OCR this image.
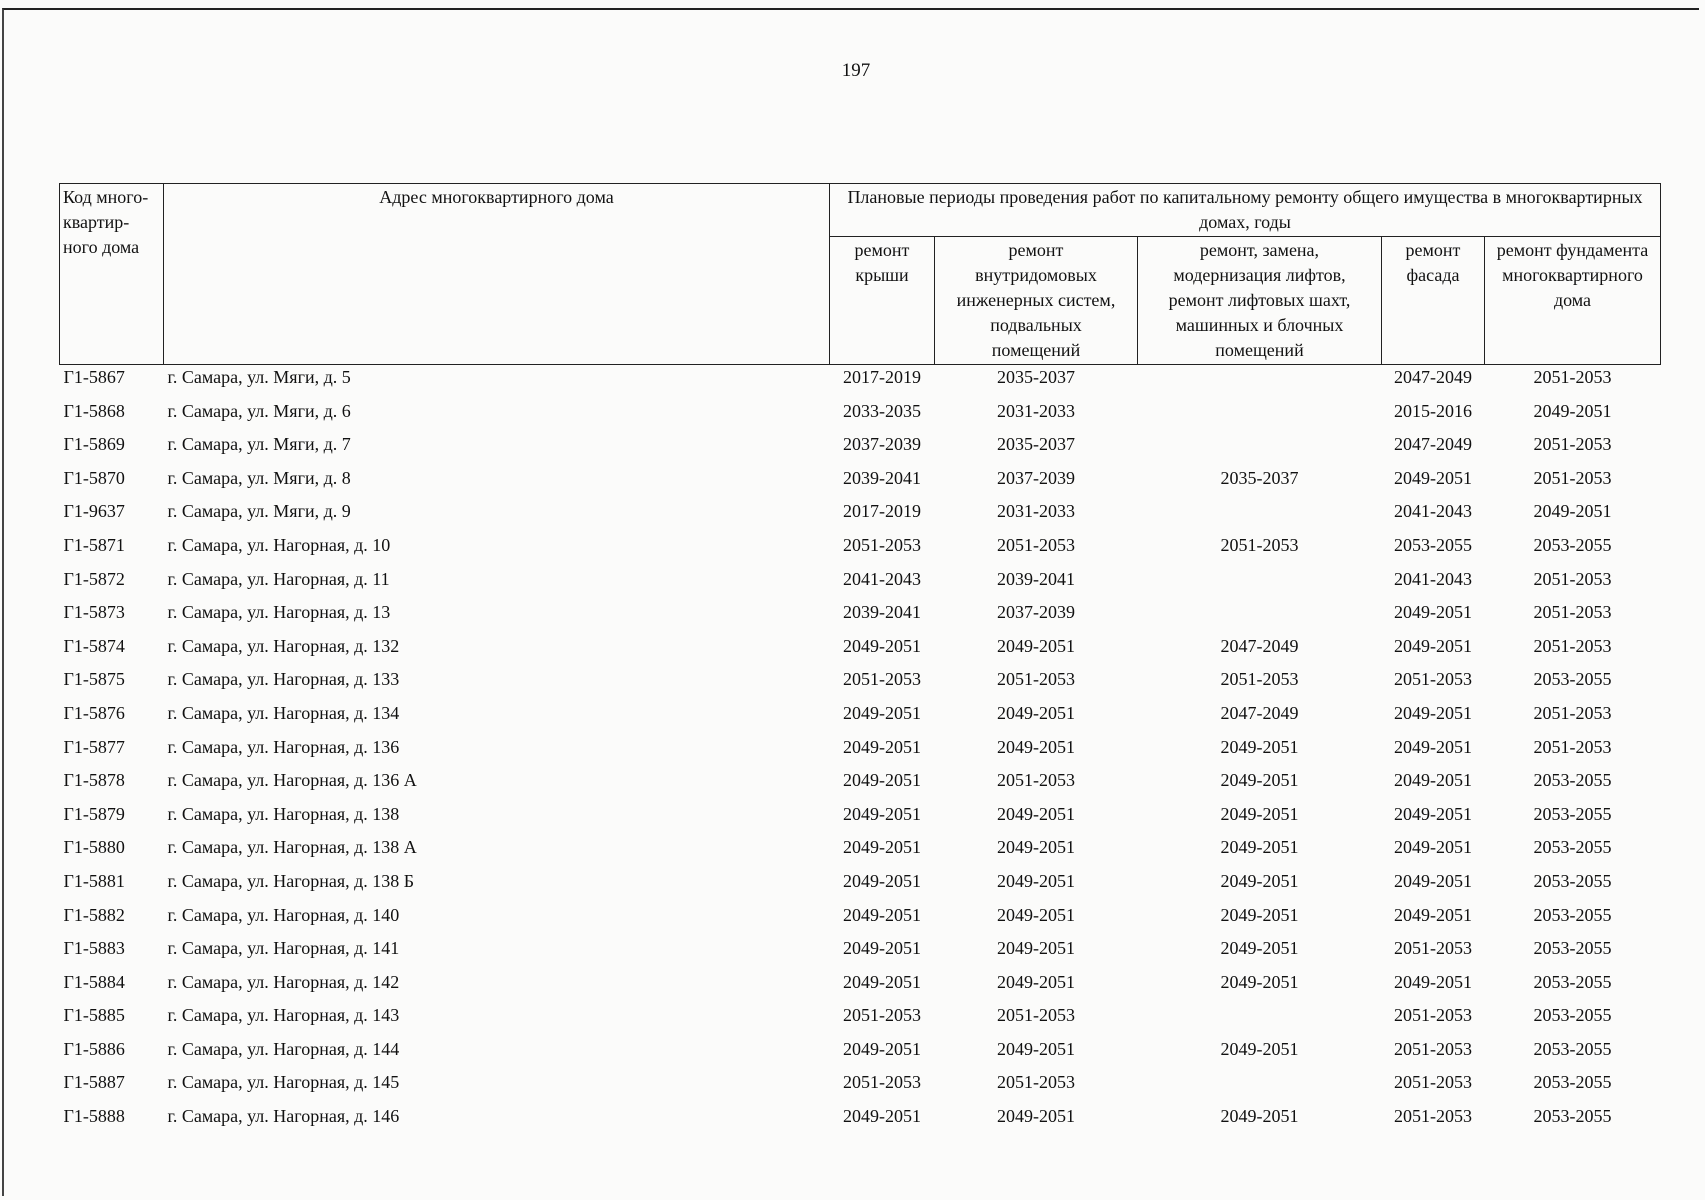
197
Код много-
квартир-
ного дома	Адрес многоквартирного дома	Плановые периоды проведения работ по капитальному ремонту общего имущества в многоквартирных домах, годы				
		ремонт
крыши	ремонт
внутридомовых
инженерных систем,
подвальных
помещений	ремонт, замена,
модернизация лифтов,
ремонт лифтовых шахт,
машинных и блочных
помещений	ремонт
фасада	ремонт фундамента
многоквартирного
дома
Г1-5867	г. Самара, ул. Мяги, д. 5	2017-2019	2035-2037		2047-2049	2051-2053
Г1-5868	г. Самара, ул. Мяги, д. 6	2033-2035	2031-2033		2015-2016	2049-2051
Г1-5869	г. Самара, ул. Мяги, д. 7	2037-2039	2035-2037		2047-2049	2051-2053
Г1-5870	г. Самара, ул. Мяги, д. 8	2039-2041	2037-2039	2035-2037	2049-2051	2051-2053
Г1-9637	г. Самара, ул. Мяги, д. 9	2017-2019	2031-2033		2041-2043	2049-2051
Г1-5871	г. Самара, ул. Нагорная, д. 10	2051-2053	2051-2053	2051-2053	2053-2055	2053-2055
Г1-5872	г. Самара, ул. Нагорная, д. 11	2041-2043	2039-2041		2041-2043	2051-2053
Г1-5873	г. Самара, ул. Нагорная, д. 13	2039-2041	2037-2039		2049-2051	2051-2053
Г1-5874	г. Самара, ул. Нагорная, д. 132	2049-2051	2049-2051	2047-2049	2049-2051	2051-2053
Г1-5875	г. Самара, ул. Нагорная, д. 133	2051-2053	2051-2053	2051-2053	2051-2053	2053-2055
Г1-5876	г. Самара, ул. Нагорная, д. 134	2049-2051	2049-2051	2047-2049	2049-2051	2051-2053
Г1-5877	г. Самара, ул. Нагорная, д. 136	2049-2051	2049-2051	2049-2051	2049-2051	2051-2053
Г1-5878	г. Самара, ул. Нагорная, д. 136 А	2049-2051	2051-2053	2049-2051	2049-2051	2053-2055
Г1-5879	г. Самара, ул. Нагорная, д. 138	2049-2051	2049-2051	2049-2051	2049-2051	2053-2055
Г1-5880	г. Самара, ул. Нагорная, д. 138 А	2049-2051	2049-2051	2049-2051	2049-2051	2053-2055
Г1-5881	г. Самара, ул. Нагорная, д. 138 Б	2049-2051	2049-2051	2049-2051	2049-2051	2053-2055
Г1-5882	г. Самара, ул. Нагорная, д. 140	2049-2051	2049-2051	2049-2051	2049-2051	2053-2055
Г1-5883	г. Самара, ул. Нагорная, д. 141	2049-2051	2049-2051	2049-2051	2051-2053	2053-2055
Г1-5884	г. Самара, ул. Нагорная, д. 142	2049-2051	2049-2051	2049-2051	2049-2051	2053-2055
Г1-5885	г. Самара, ул. Нагорная, д. 143	2051-2053	2051-2053		2051-2053	2053-2055
Г1-5886	г. Самара, ул. Нагорная, д. 144	2049-2051	2049-2051	2049-2051	2051-2053	2053-2055
Г1-5887	г. Самара, ул. Нагорная, д. 145	2051-2053	2051-2053		2051-2053	2053-2055
Г1-5888	г. Самара, ул. Нагорная, д. 146	2049-2051	2049-2051	2049-2051	2051-2053	2053-2055
